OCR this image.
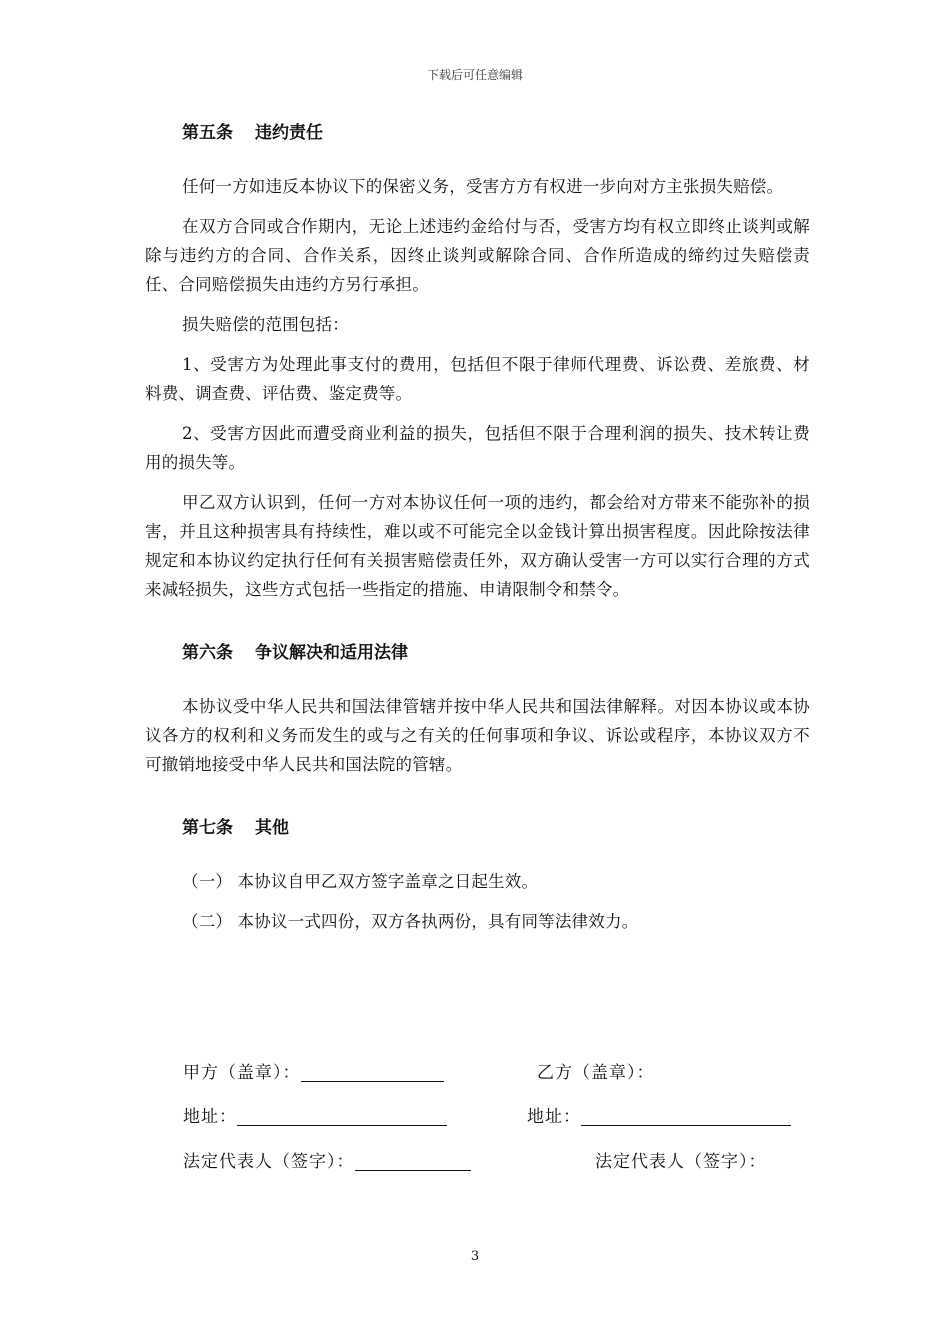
下载后可任意编辑
第五条 违约责任

任何一方如违反本协议下的保密义务，受害方方有权进一步向对方主张损失赔偿。

在双方合同或合作期内，无论上述违约金给付与否，受害方均有权立即终止谈判或解除与违约方的合同、合作关系，因终止谈判或解除合同、合作所造成的缔约过失赔偿责任、合同赔偿损失由违约方另行承担。

损失赔偿的范围包括：

1、受害方为处理此事支付的费用，包括但不限于律师代理费、诉讼费、差旅费、材料费、调查费、评估费、鉴定费等。

2、受害方因此而遭受商业利益的损失，包括但不限于合理利润的损失、技术转让费用的损失等。

甲乙双方认识到，任何一方对本协议任何一项的违约，都会给对方带来不能弥补的损害，并且这种损害具有持续性，难以或不可能完全以金钱计算出损害程度。因此除按法律规定和本协议约定执行任何有关损害赔偿责任外，双方确认受害一方可以实行合理的方式来减轻损失，这些方式包括一些指定的措施、申请限制令和禁令。

第六条 争议解决和适用法律

本协议受中华人民共和国法律管辖并按中华人民共和国法律解释。对因本协议或本协议各方的权利和义务而发生的或与之有关的任何事项和争议、诉讼或程序，本协议双方不可撤销地接受中华人民共和国法院的管辖。

第七条 其他

（一） 本协议自甲乙双方签字盖章之日起生效。

（二） 本协议一式四份，双方各执两份，具有同等法律效力。

甲方（盖章）：	乙方（盖章）：
地址：	地址：
法定代表人（签字）：	法定代表人（签字）：
3
